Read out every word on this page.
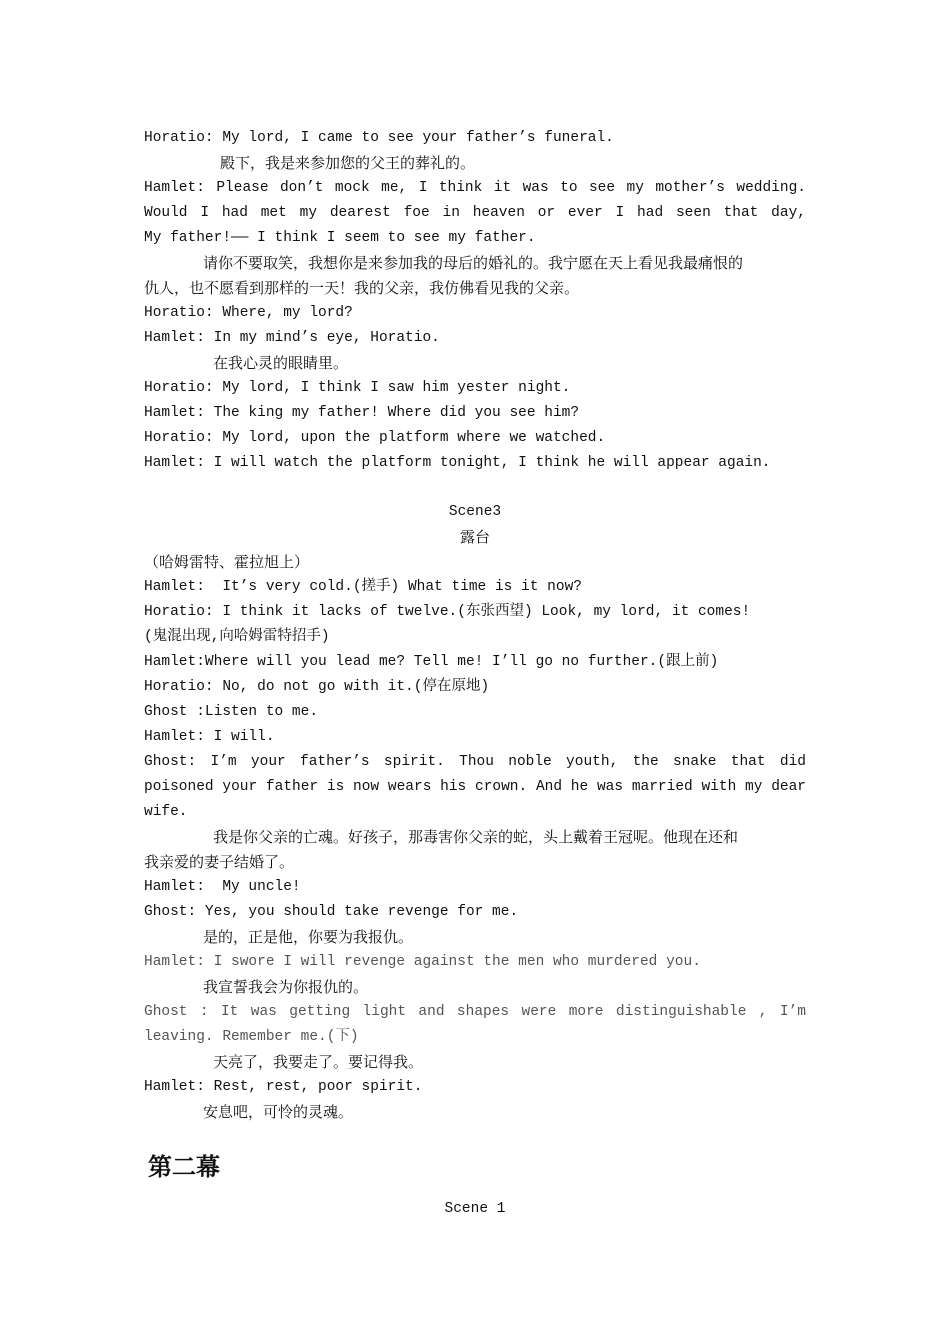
Horatio: My lord, I came to see your father’s funeral.
殿下，我是来参加您的父王的葬礼的。
Hamlet: Please don’t mock me, I think it was to see my mother’s wedding.
Would I had met my dearest foe in heaven or ever I had seen that day,
My father!—— I think I seem to see my father.
请你不要取笑，我想你是来参加我的母后的婚礼的。我宁愿在天上看见我最痛恨的
仇人，也不愿看到那样的一天！我的父亲，我仿佛看见我的父亲。
Horatio: Where, my lord?
Hamlet: In my mind’s eye, Horatio.
在我心灵的眼睛里。
Horatio: My lord, I think I saw him yester night.
Hamlet: The king my father! Where did you see him?
Horatio: My lord, upon the platform where we watched.
Hamlet: I will watch the platform tonight, I think he will appear again.
Scene3
露台
（哈姆雷特、霍拉旭上）
Hamlet:  It’s very cold.(搓手) What time is it now?
Horatio: I think it lacks of twelve.(东张西望) Look, my lord, it comes!
(鬼混出现,向哈姆雷特招手)
Hamlet:Where will you lead me? Tell me! I’ll go no further.(跟上前)
Horatio: No, do not go with it.(停在原地)
Ghost :Listen to me.
Hamlet: I will.
Ghost: I’m your father’s spirit. Thou noble youth, the snake that did
poisoned your father is now wears his crown. And he was married with my dear
wife.
我是你父亲的亡魂。好孩子，那毒害你父亲的蛇，头上戴着王冠呢。他现在还和
我亲爱的妻子结婚了。
Hamlet:  My uncle!
Ghost: Yes, you should take revenge for me.
是的，正是他，你要为我报仇。
Hamlet: I swore I will revenge against the men who murdered you.
我宣誓我会为你报仇的。
Ghost : It was getting light and shapes were more distinguishable , I’m
leaving. Remember me.(下)
天亮了，我要走了。要记得我。
Hamlet: Rest, rest, poor spirit.
安息吧，可怜的灵魂。
第二幕
Scene 1
